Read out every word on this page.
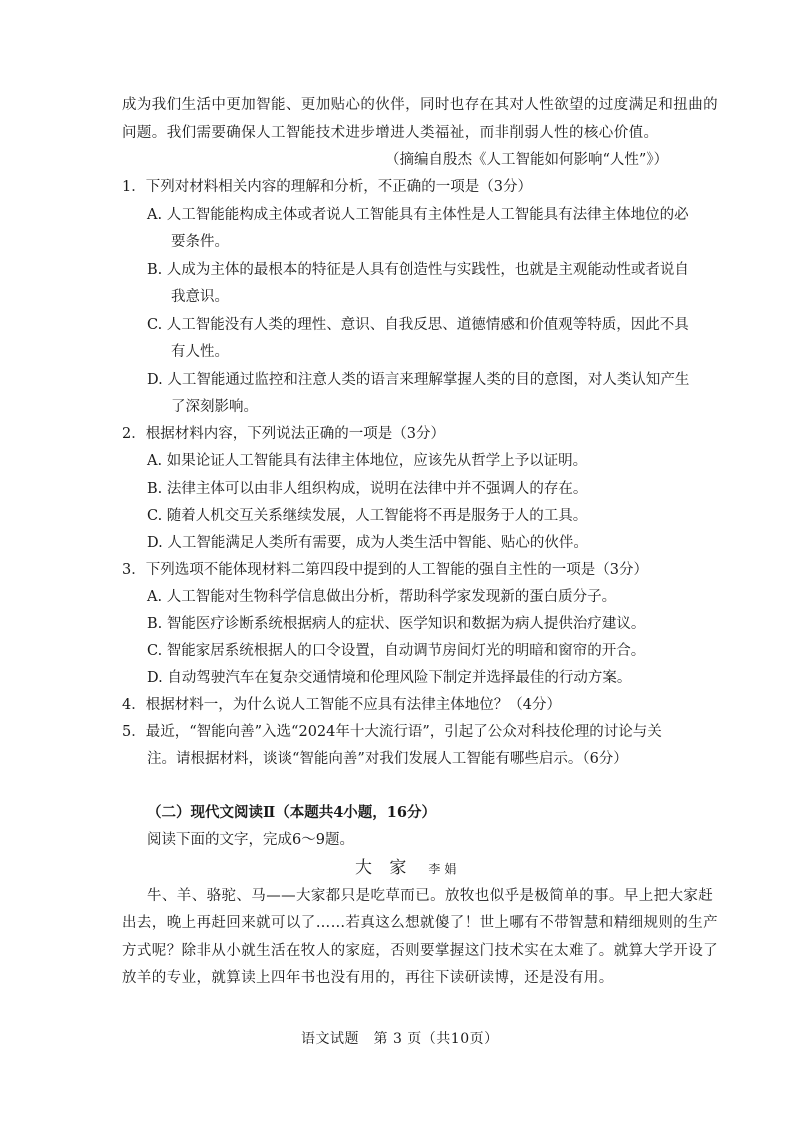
成为我们生活中更加智能、更加贴心的伙伴，同时也存在其对人性欲望的过度满足和扭曲的
问题。我们需要确保人工智能技术进步增进人类福祉，而非削弱人性的核心价值。
（摘编自殷杰《人工智能如何影响“人性”》）
1．下列对材料相关内容的理解和分析，不正确的一项是（3分）
A. 人工智能能构成主体或者说人工智能具有主体性是人工智能具有法律主体地位的必
要条件。
B. 人成为主体的最根本的特征是人具有创造性与实践性，也就是主观能动性或者说自
我意识。
C. 人工智能没有人类的理性、意识、自我反思、道德情感和价值观等特质，因此不具
有人性。
D. 人工智能通过监控和注意人类的语言来理解掌握人类的目的意图，对人类认知产生
了深刻影响。
2．根据材料内容，下列说法正确的一项是（3分）
A. 如果论证人工智能具有法律主体地位，应该先从哲学上予以证明。
B. 法律主体可以由非人组织构成，说明在法律中并不强调人的存在。
C. 随着人机交互关系继续发展，人工智能将不再是服务于人的工具。
D. 人工智能满足人类所有需要，成为人类生活中智能、贴心的伙伴。
3．下列选项不能体现材料二第四段中提到的人工智能的强自主性的一项是（3分）
A. 人工智能对生物科学信息做出分析，帮助科学家发现新的蛋白质分子。
B. 智能医疗诊断系统根据病人的症状、医学知识和数据为病人提供治疗建议。
C. 智能家居系统根据人的口令设置，自动调节房间灯光的明暗和窗帘的开合。
D. 自动驾驶汽车在复杂交通情境和伦理风险下制定并选择最佳的行动方案。
4．根据材料一，为什么说人工智能不应具有法律主体地位？（4分）
5．最近，“智能向善”入选“2024年十大流行语”，引起了公众对科技伦理的讨论与关
注。请根据材料，谈谈“智能向善”对我们发展人工智能有哪些启示。（6分）
（二）现代文阅读Ⅱ（本题共4小题，16分）
阅读下面的文字，完成6～9题。
大 家 李娟
牛、羊、骆驼、马——大家都只是吃草而已。放牧也似乎是极简单的事。早上把大家赶
出去，晚上再赶回来就可以了……若真这么想就傻了！世上哪有不带智慧和精细规则的生产
方式呢？除非从小就生活在牧人的家庭，否则要掌握这门技术实在太难了。就算大学开设了
放羊的专业，就算读上四年书也没有用的，再往下读研读博，还是没有用。
语文试题　第 3 页（共10页）
